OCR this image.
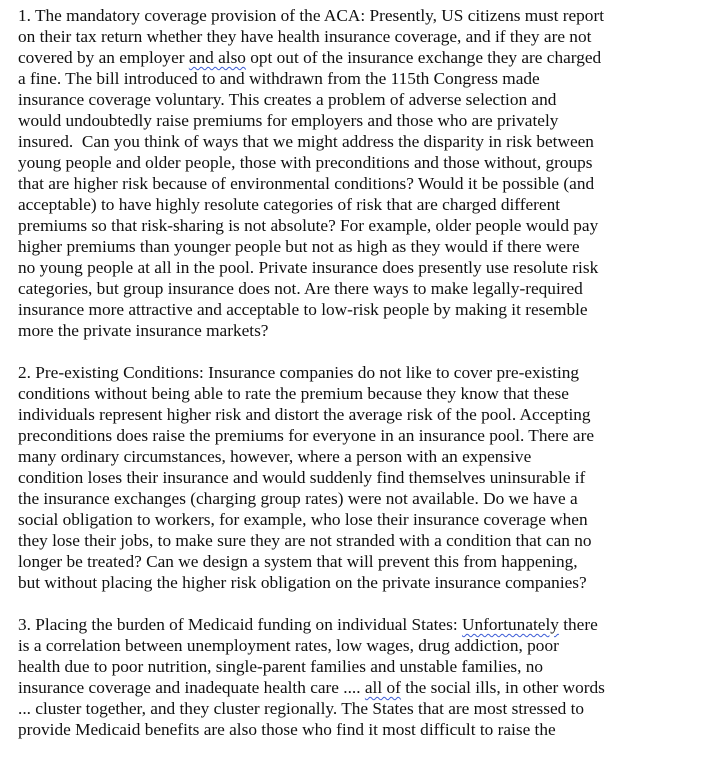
1. The mandatory coverage provision of the ACA: Presently, US citizens must report
on their tax return whether they have health insurance coverage, and if they are not
covered by an employer and also opt out of the insurance exchange they are charged
a fine. The bill introduced to and withdrawn from the 115th Congress made
insurance coverage voluntary. This creates a problem of adverse selection and
would undoubtedly raise premiums for employers and those who are privately
insured.  Can you think of ways that we might address the disparity in risk between
young people and older people, those with preconditions and those without, groups
that are higher risk because of environmental conditions? Would it be possible (and
acceptable) to have highly resolute categories of risk that are charged different
premiums so that risk-sharing is not absolute? For example, older people would pay
higher premiums than younger people but not as high as they would if there were
no young people at all in the pool. Private insurance does presently use resolute risk
categories, but group insurance does not. Are there ways to make legally-required
insurance more attractive and acceptable to low-risk people by making it resemble
more the private insurance markets?
2. Pre-existing Conditions: Insurance companies do not like to cover pre-existing
conditions without being able to rate the premium because they know that these
individuals represent higher risk and distort the average risk of the pool. Accepting
preconditions does raise the premiums for everyone in an insurance pool. There are
many ordinary circumstances, however, where a person with an expensive
condition loses their insurance and would suddenly find themselves uninsurable if
the insurance exchanges (charging group rates) were not available. Do we have a
social obligation to workers, for example, who lose their insurance coverage when
they lose their jobs, to make sure they are not stranded with a condition that can no
longer be treated? Can we design a system that will prevent this from happening,
but without placing the higher risk obligation on the private insurance companies?
3. Placing the burden of Medicaid funding on individual States: Unfortunately there
is a correlation between unemployment rates, low wages, drug addiction, poor
health due to poor nutrition, single-parent families and unstable families, no
insurance coverage and inadequate health care .... all of the social ills, in other words
... cluster together, and they cluster regionally. The States that are most stressed to
provide Medicaid benefits are also those who find it most difficult to raise the
